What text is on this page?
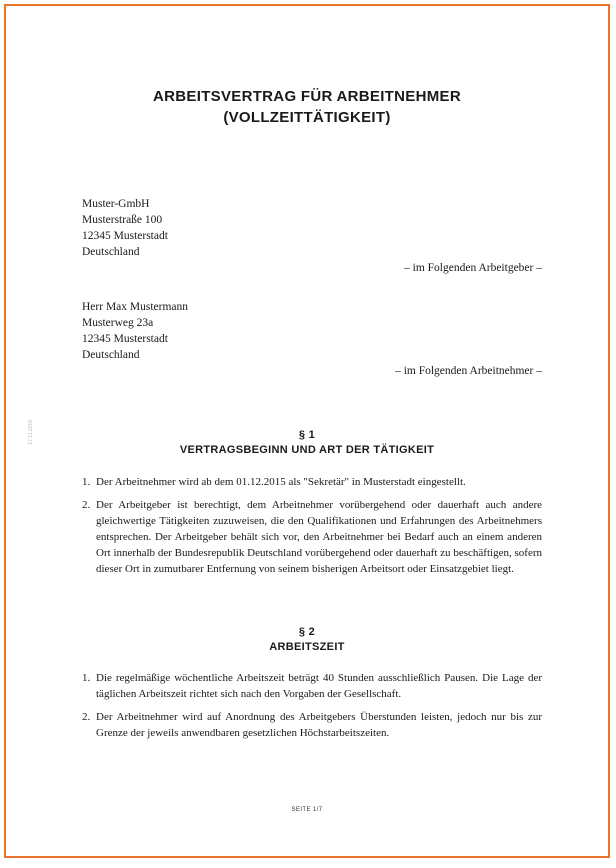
ARBEITSVERTRAG FÜR ARBEITNEHMER
(VOLLZEITTÄTIGKEIT)
Muster-GmbH
Musterstraße 100
12345 Musterstadt
Deutschland
– im Folgenden Arbeitgeber –
Herr Max Mustermann
Musterweg 23a
12345 Musterstadt
Deutschland
– im Folgenden Arbeitnehmer –
17.11.2015	§ 1
VERTRAGSBEGINN UND ART DER TÄTIGKEIT
1. Der Arbeitnehmer wird ab dem 01.12.2015 als "Sekretär" in Musterstadt eingestellt.
2. Der Arbeitgeber ist berechtigt, dem Arbeitnehmer vorübergehend oder dauerhaft auch andere gleichwertige Tätigkeiten zuzuweisen, die den Qualifikationen und Erfahrungen des Arbeitnehmers entsprechen. Der Arbeitgeber behält sich vor, den Arbeitnehmer bei Bedarf auch an einem anderen Ort innerhalb der Bundesrepublik Deutschland vorübergehend oder dauerhaft zu beschäftigen, sofern dieser Ort in zumutbarer Entfernung von seinem bisherigen Arbeitsort oder Einsatzgebiet liegt.
§ 2
ARBEITSZEIT
1. Die regelmäßige wöchentliche Arbeitszeit beträgt 40 Stunden ausschließlich Pausen. Die Lage der täglichen Arbeitszeit richtet sich nach den Vorgaben der Gesellschaft.
2. Der Arbeitnehmer wird auf Anordnung des Arbeitgebers Überstunden leisten, jedoch nur bis zur Grenze der jeweils anwendbaren gesetzlichen Höchstarbeitszeiten.
SEITE 1/7
